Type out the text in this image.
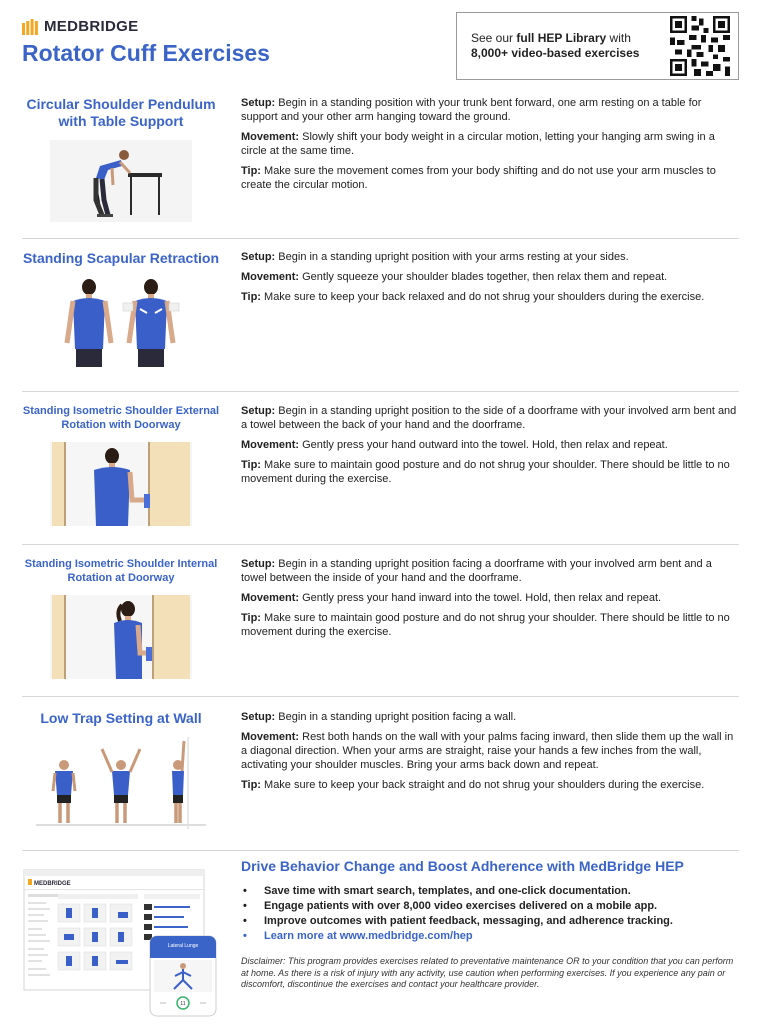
MEDBRIDGE
Rotator Cuff Exercises
See our full HEP Library with
8,000+ video-based exercises
Circular Shoulder Pendulum with Table Support

Setup: Begin in a standing position with your trunk bent forward, one arm resting on a table for support and your other arm hanging toward the ground.

Movement: Slowly shift your body weight in a circular motion, letting your hanging arm swing in a circle at the same time.

Tip: Make sure the movement comes from your body shifting and do not use your arm muscles to create the circular motion.

Standing Scapular Retraction Setup: Begin in a standing upright position with your arms resting at your sides.

Movement: Gently squeeze your shoulder blades together, then relax them and repeat.

Tip: Make sure to keep your back relaxed and do not shrug your shoulders during the exercise.

Standing Isometric Shoulder External Rotation with Doorway

Setup: Begin in a standing upright position to the side of a doorframe with your involved arm bent and a towel between the back of your hand and the doorframe.

Movement: Gently press your hand outward into the towel. Hold, then relax and repeat.

Tip: Make sure to maintain good posture and do not shrug your shoulder. There should be little to no movement during the exercise.

Standing Isometric Shoulder Internal Rotation at Doorway

Setup: Begin in a standing upright position facing a doorframe with your involved arm bent and a towel between the inside of your hand and the doorframe.

Movement: Gently press your hand inward into the towel. Hold, then relax and repeat.

Tip: Make sure to maintain good posture and do not shrug your shoulder. There should be little to no movement during the exercise.

Low Trap Setting at Wall	Setup: Begin in a standing upright position facing a wall.

Movement: Rest both hands on the wall with your palms facing inward, then slide them up the wall in a diagonal direction. When your arms are straight, raise your hands a few inches from the wall, activating your shoulder muscles. Bring your arms back down and repeat.

Tip: Make sure to keep your back straight and do not shrug your shoulders during the exercise.

MEDBRIDGE
Lateral Lunge
11
Drive Behavior Change and Boost Adherence with MedBridge HEP
• Save time with smart search, templates, and one-click documentation.
• Engage patients with over 8,000 video exercises delivered on a mobile app.
• Improve outcomes with patient feedback, messaging, and adherence tracking.
• Learn more at www.medbridge.com/hep
Disclaimer: This program provides exercises related to preventative maintenance OR to your condition that you can perform at home. As there is a risk of injury with any activity, use caution when performing exercises. If you experience any pain or discomfort, discontinue the exercises and contact your healthcare provider.
